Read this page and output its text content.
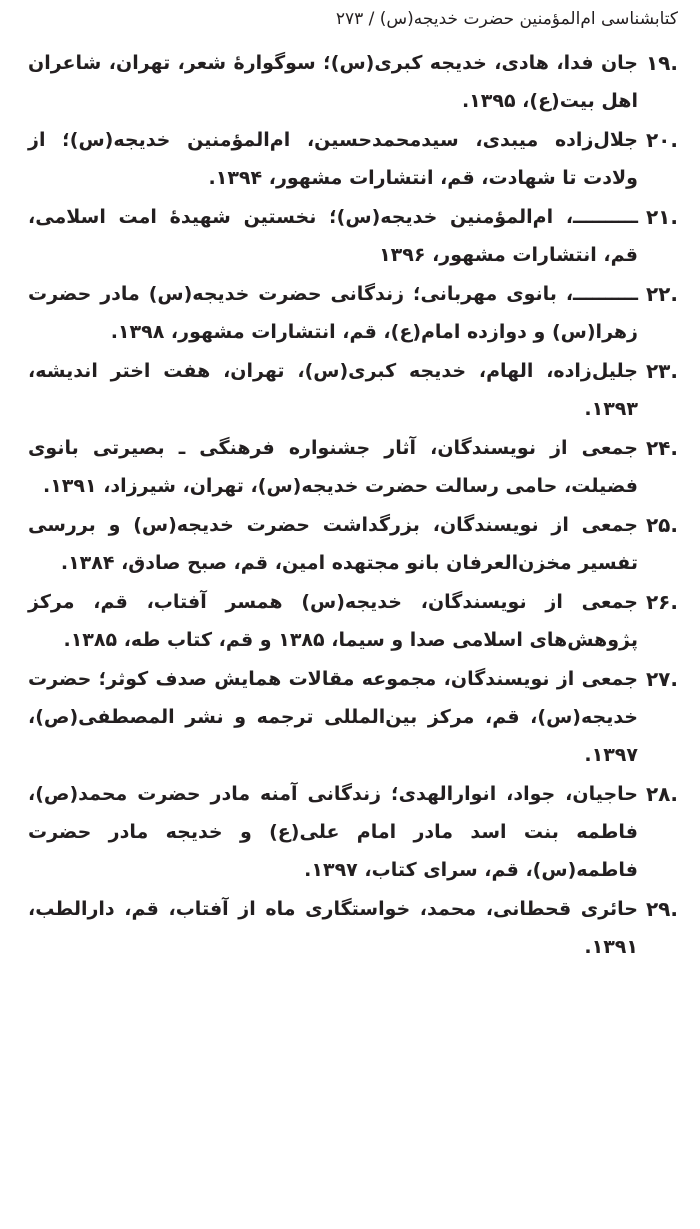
کتابشناسی ام‌المؤمنین حضرت خدیجه(س) / ۲۷۳
.۱۹
جان فدا، هادی، خدیجه کبری(س)؛ سوگوارهٔ شعر، تهران، شاعران اهل بیت(ع)، ۱۳۹۵.
.۲۰
جلال‌زاده میبدی، سیدمحمدحسین، ام‌المؤمنین خدیجه(س)؛ از ولادت تا شهادت، قم، انتشارات مشهور، ۱۳۹۴.
.۲۱
ــــــــــ، ام‌المؤمنین خدیجه(س)؛ نخستین شهیدهٔ امت اسلامی، قم، انتشارات مشهور، ۱۳۹۶
.۲۲
ــــــــــ، بانوی مهربانی؛ زندگانی حضرت خدیجه(س) مادر حضرت زهرا(س) و دوازده امام(ع)، قم، انتشارات مشهور، ۱۳۹۸.
.۲۳
جلیل‌زاده، الهام، خدیجه کبری(س)، تهران، هفت اختر اندیشه، ۱۳۹۳.
.۲۴
جمعی از نویسندگان، آثار جشنواره فرهنگی ـ بصیرتی بانوی فضیلت، حامی رسالت حضرت خدیجه(س)، تهران، شیرزاد، ۱۳۹۱.
.۲۵
جمعی از نویسندگان، بزرگداشت حضرت خدیجه(س) و بررسی تفسیر مخزن‌العرفان بانو مجتهده امین، قم، صبح صادق، ۱۳۸۴.
.۲۶
جمعی از نویسندگان، خدیجه(س) همسر آفتاب، قم، مرکز پژوهش‌های اسلامی صدا و سیما، ۱۳۸۵ و قم، کتاب طه، ۱۳۸۵.
.۲۷
جمعی از نویسندگان، مجموعه مقالات همایش صدف کوثر؛ حضرت خدیجه(س)، قم، مرکز بین‌المللی ترجمه و نشر المصطفی(ص)، ۱۳۹۷.
.۲۸
حاجیان، جواد، انوارالهدی؛ زندگانی آمنه مادر حضرت محمد(ص)، فاطمه بنت اسد مادر امام علی(ع) و خدیجه مادر حضرت فاطمه(س)، قم، سرای کتاب، ۱۳۹۷.
.۲۹
حائری قحطانی، محمد، خواستگاری ماه از آفتاب، قم، دارالطب، ۱۳۹۱.
